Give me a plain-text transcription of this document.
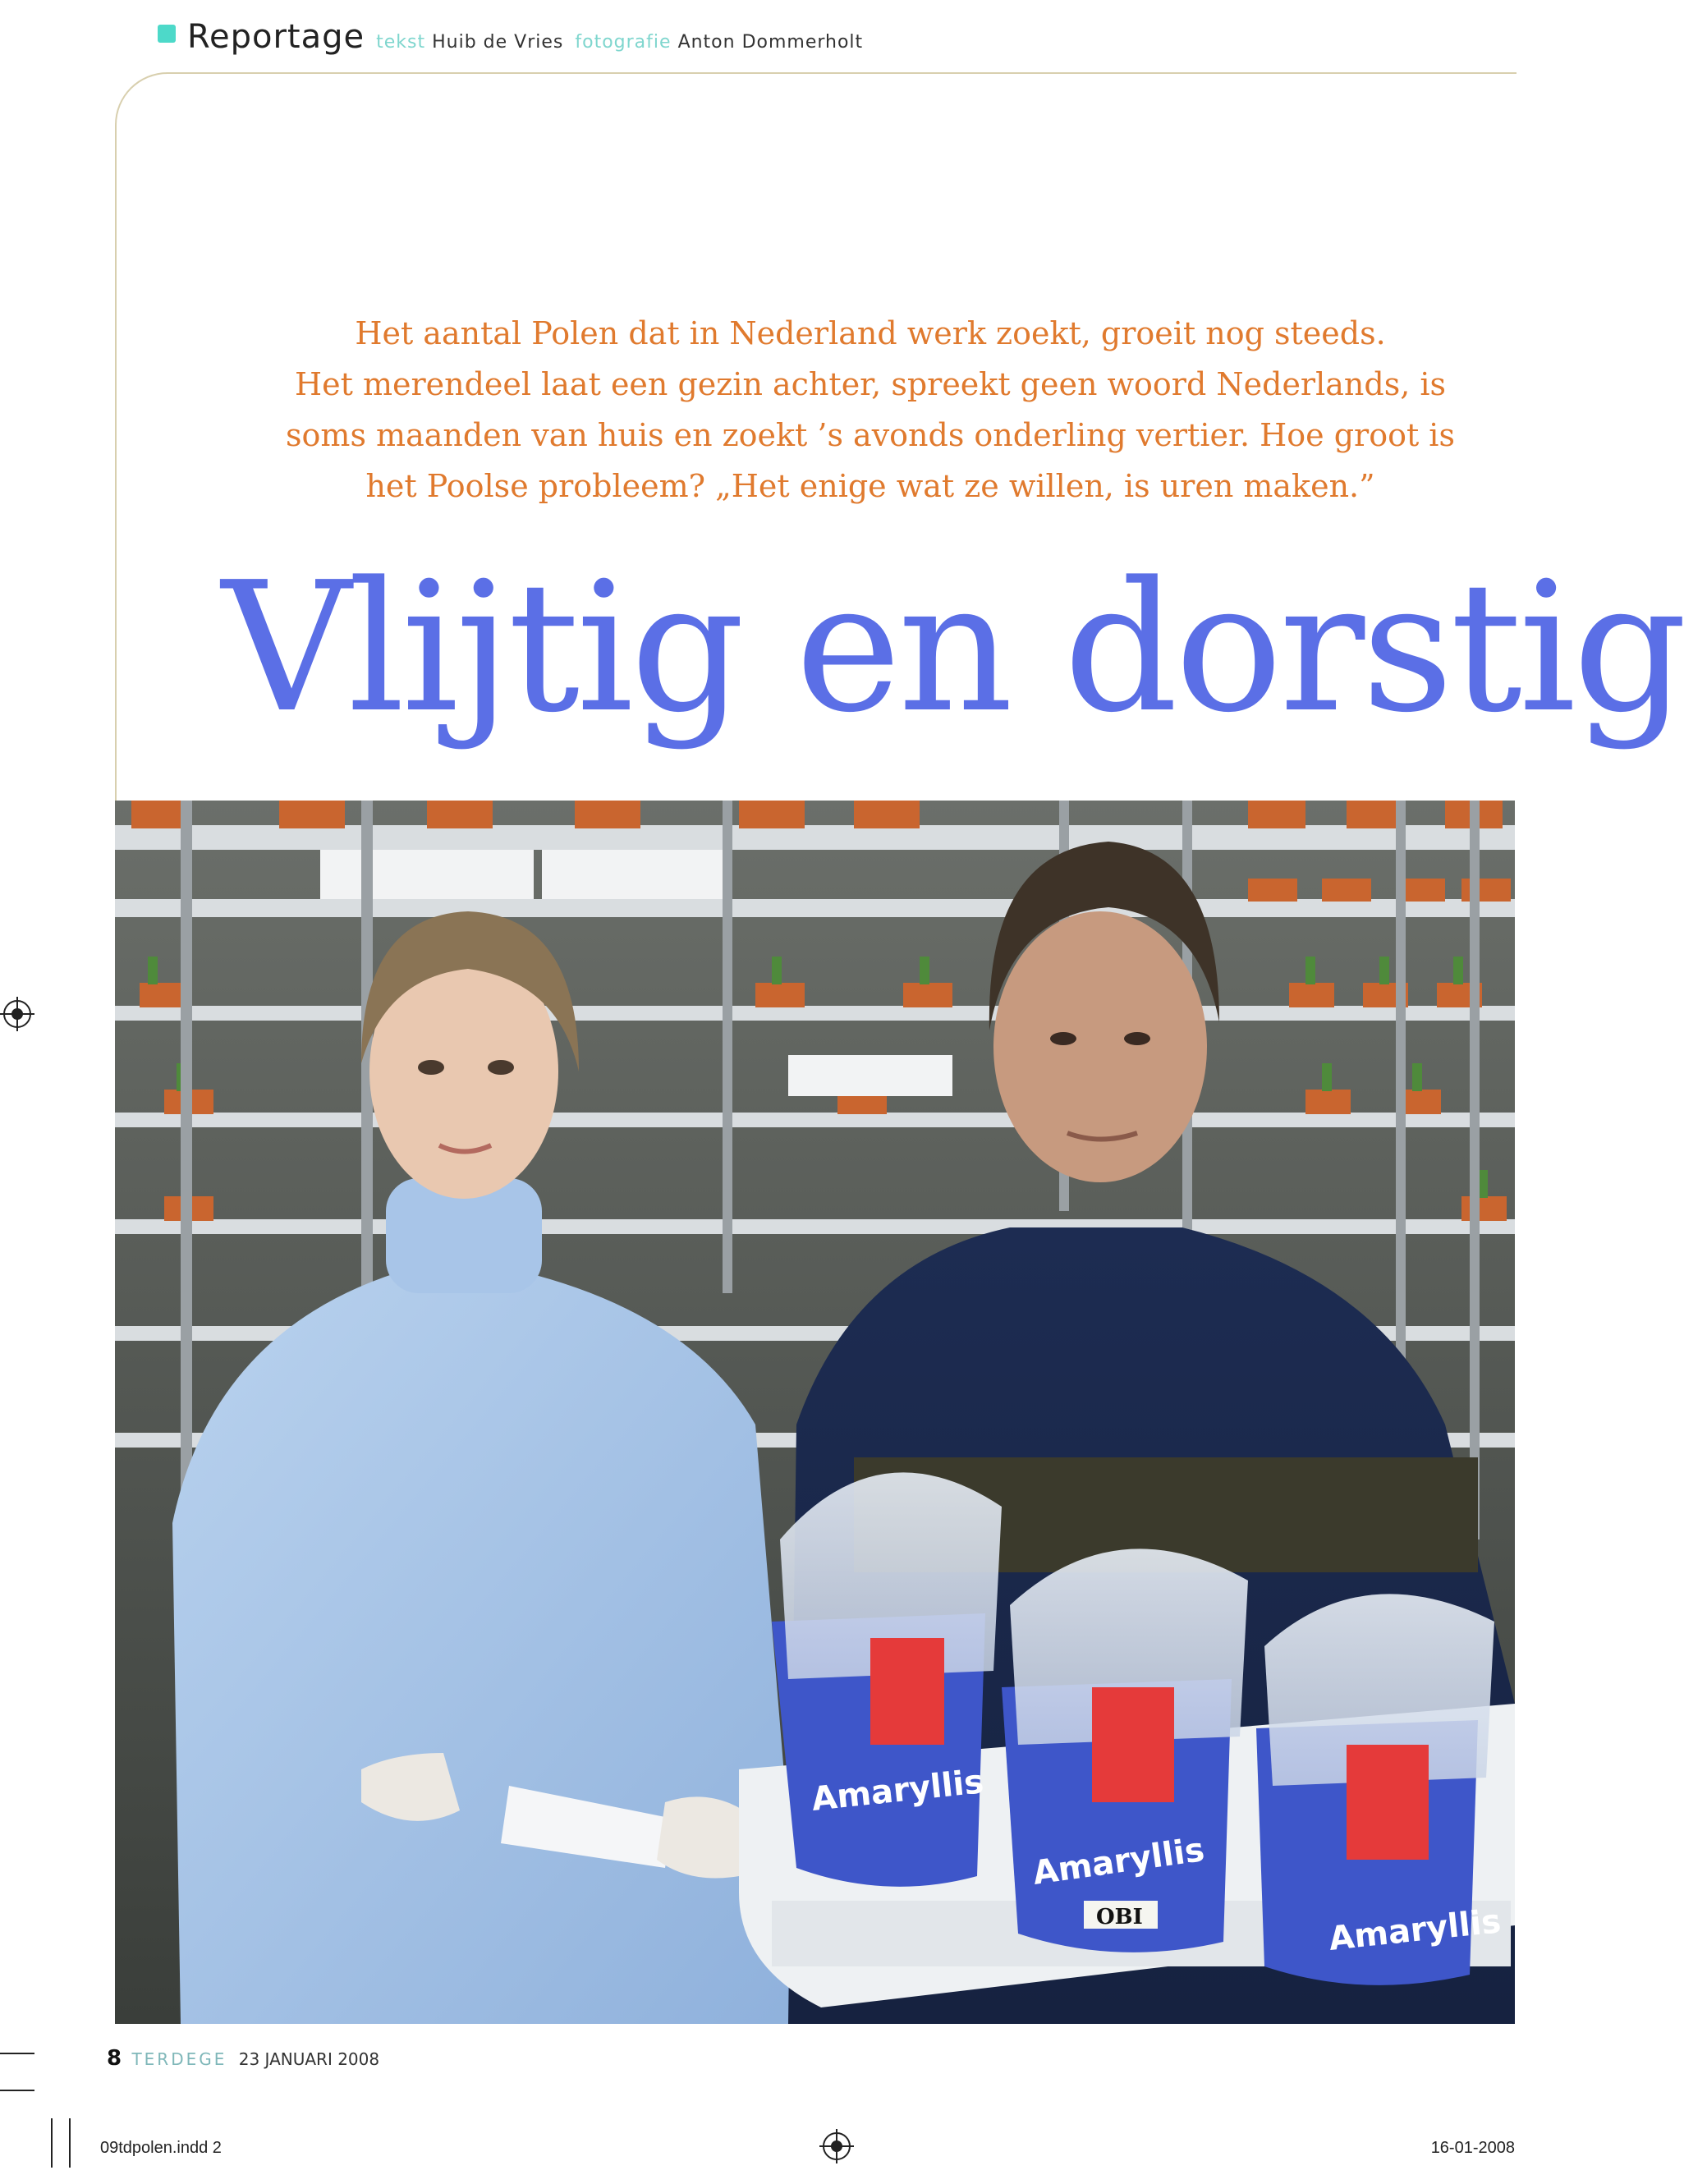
Reportage tekst Huib de Vries fotografie Anton Dommerholt
Het aantal Polen dat in Nederland werk zoekt, groeit nog steeds.
Het merendeel laat een gezin achter, spreekt geen woord Nederlands, is
soms maanden van huis en zoekt ’s avonds onderling vertier. Hoe groot is
het Poolse probleem? „Het enige wat ze willen, is uren maken.”
Vlijtig en dorstig
Amaryllis
Amaryllis
OBI	Amaryllis
8 TERDEGE 23 JANUARI 2008
09tdpolen.indd 2	16-01-2008
